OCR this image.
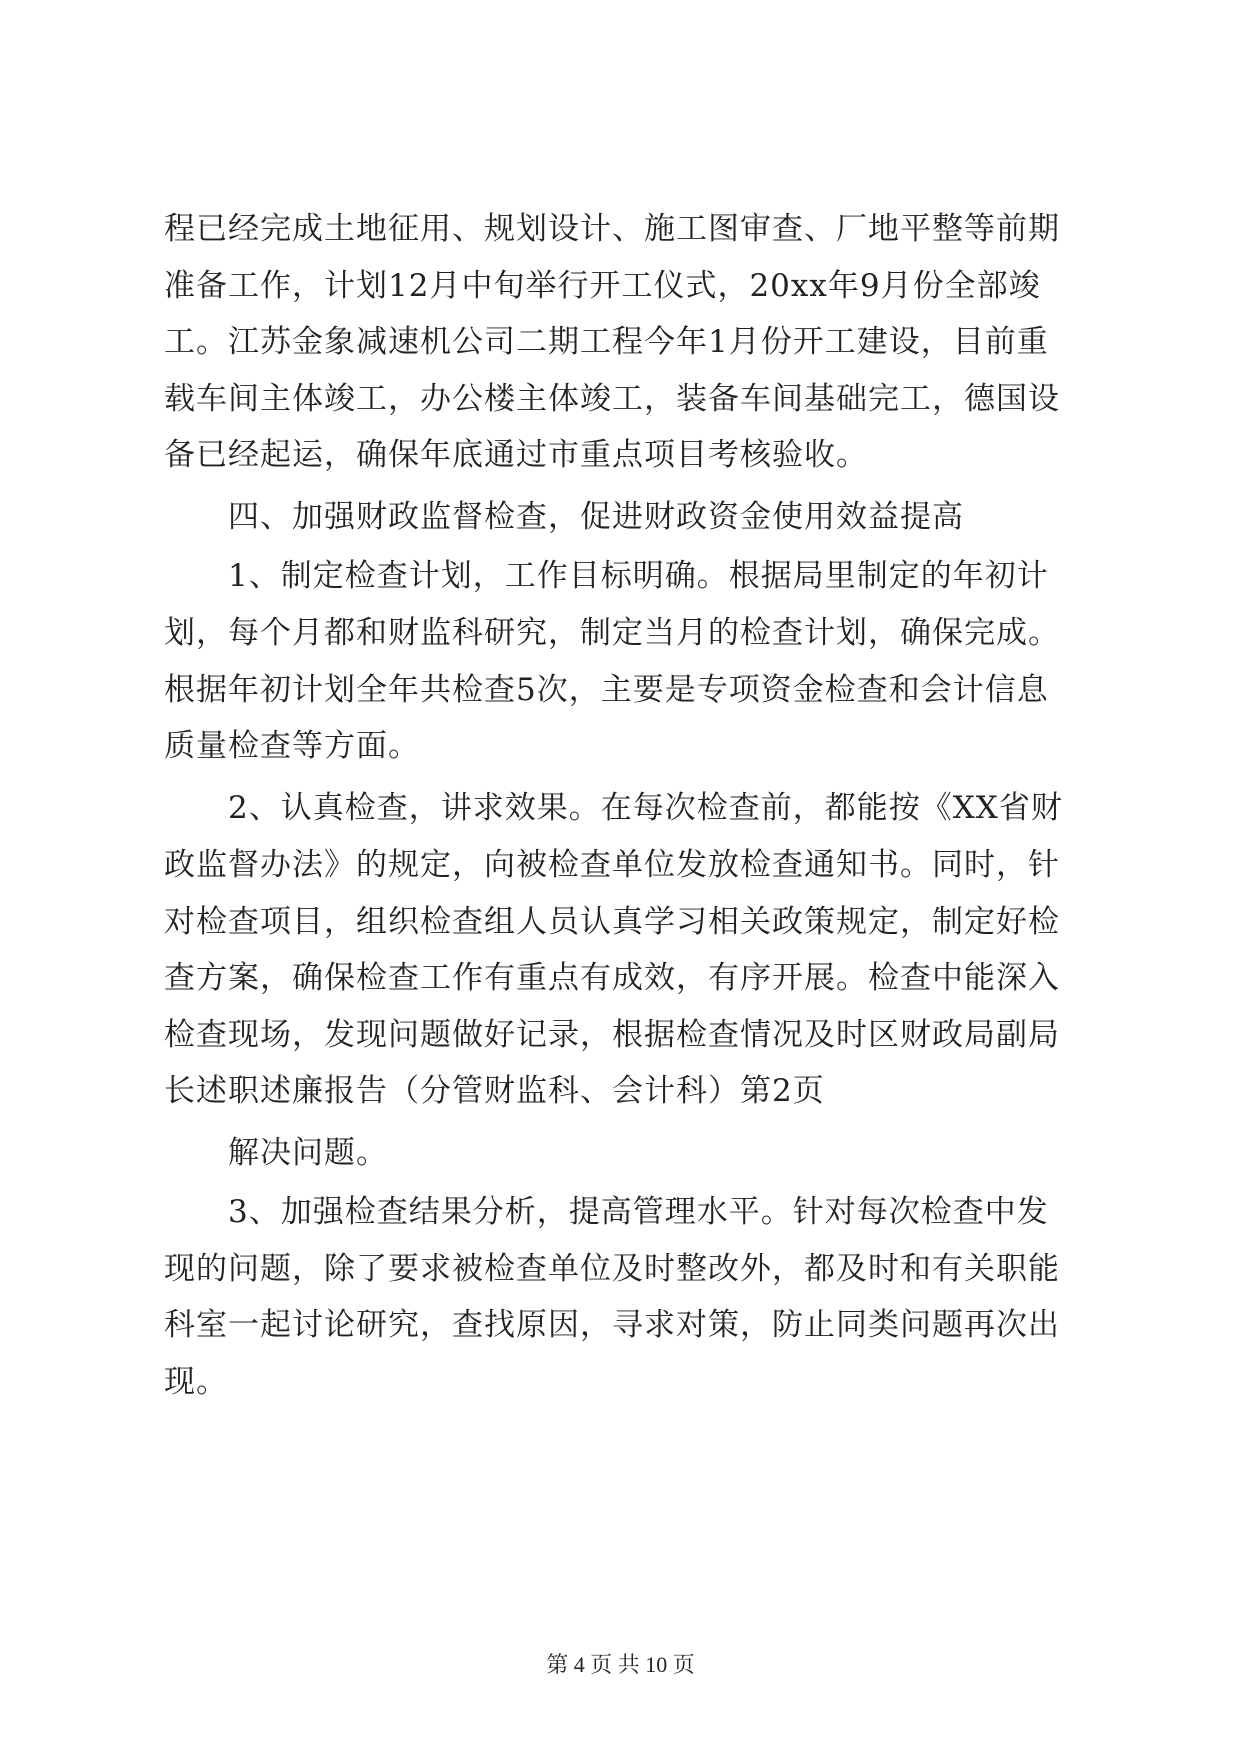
程已经完成土地征用、规划设计、施工图审查、厂地平整等前期
准备工作，计划12月中旬举行开工仪式，20xx年9月份全部竣
工。江苏金象减速机公司二期工程今年1月份开工建设，目前重
载车间主体竣工，办公楼主体竣工，装备车间基础完工，德国设
备已经起运，确保年底通过市重点项目考核验收。
四、加强财政监督检查，促进财政资金使用效益提高
1、制定检查计划，工作目标明确。根据局里制定的年初计
划，每个月都和财监科研究，制定当月的检查计划，确保完成。
根据年初计划全年共检查5次，主要是专项资金检查和会计信息
质量检查等方面。
2、认真检查，讲求效果。在每次检查前，都能按《XX省财
政监督办法》的规定，向被检查单位发放检查通知书。同时，针
对检查项目，组织检查组人员认真学习相关政策规定，制定好检
查方案，确保检查工作有重点有成效，有序开展。检查中能深入
检查现场，发现问题做好记录，根据检查情况及时区财政局副局
长述职述廉报告（分管财监科、会计科）第2页
解决问题。
3、加强检查结果分析，提高管理水平。针对每次检查中发
现的问题，除了要求被检查单位及时整改外，都及时和有关职能
科室一起讨论研究，查找原因，寻求对策，防止同类问题再次出
现。
第 4 页 共 10 页
